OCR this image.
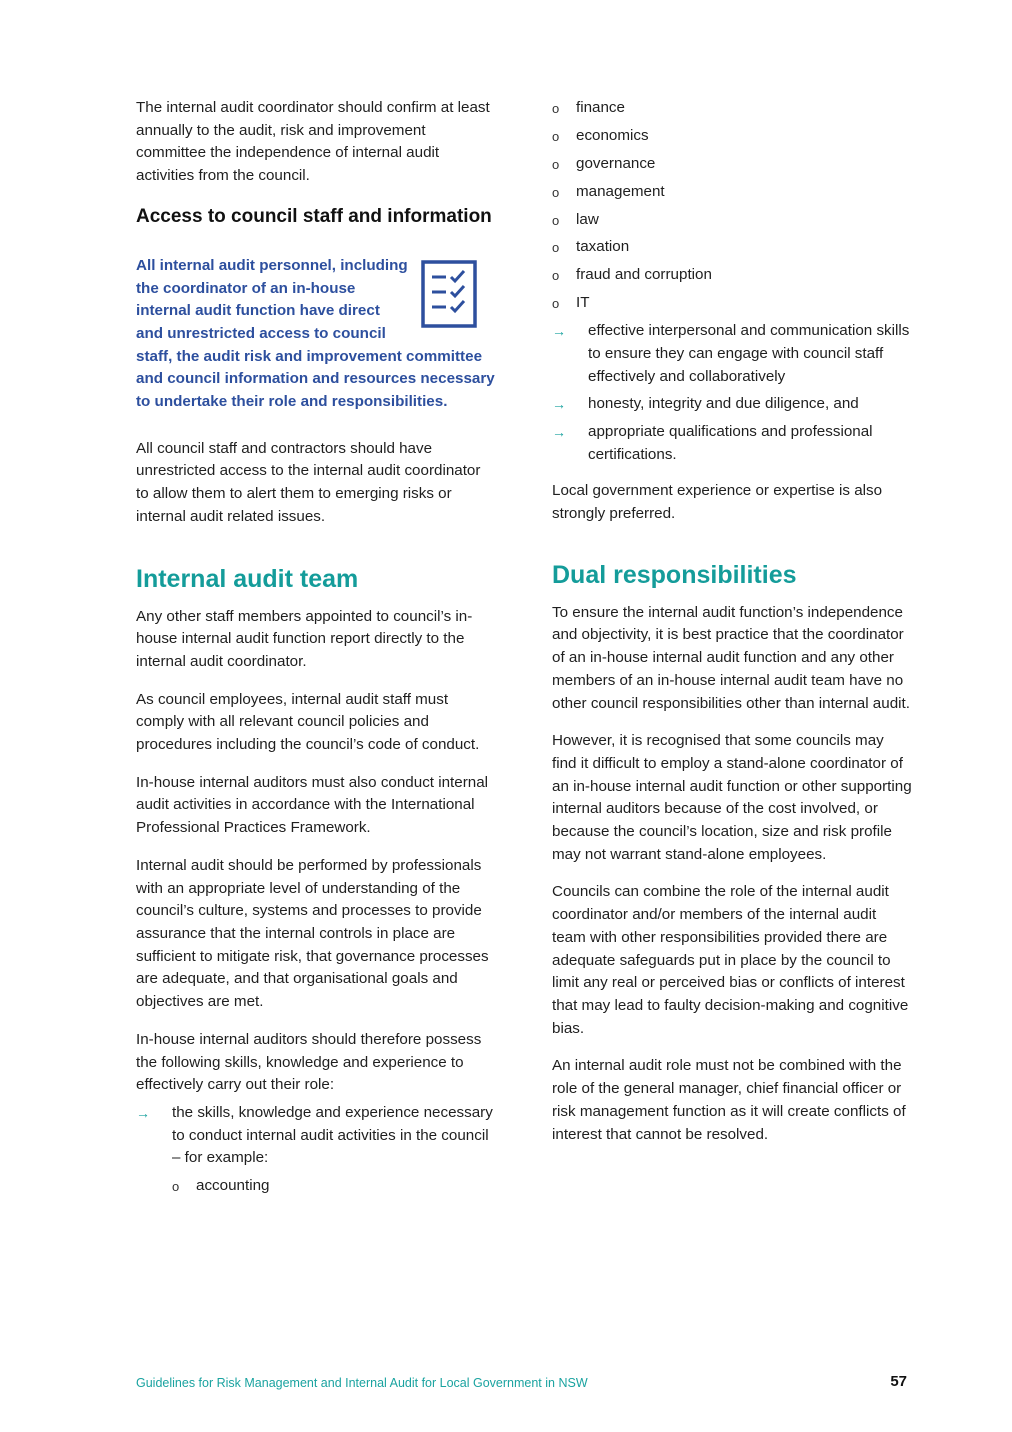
The internal audit coordinator should confirm at least annually to the audit, risk and improvement committee the independence of internal audit activities from the council.

Access to council staff and information

All internal audit personnel, including the coordinator of an in-house internal audit function have direct and unrestricted access to council staff, the audit risk and improvement committee and council information and resources necessary to undertake their role and responsibilities.

All council staff and contractors should have unrestricted access to the internal audit coordinator to allow them to alert them to emerging risks or internal audit related issues.

Internal audit team

Any other staff members appointed to council’s in-house internal audit function report directly to the internal audit coordinator.

As council employees, internal audit staff must comply with all relevant council policies and procedures including the council’s code of conduct.

In-house internal auditors must also conduct internal audit activities in accordance with the International Professional Practices Framework.

Internal audit should be performed by professionals with an appropriate level of understanding of the council’s culture, systems and processes to provide assurance that the internal controls in place are sufficient to mitigate risk, that governance processes are adequate, and that organisational goals and objectives are met.

In-house internal auditors should therefore possess the following skills, knowledge and experience to effectively carry out their role:

→ the skills, knowledge and experience necessary to conduct internal audit activities in the council – for example:
o accounting
o finance
o economics
o governance
o management
o law
o taxation
o fraud and corruption
o IT
→ effective interpersonal and communication skills to ensure they can engage with council staff effectively and collaboratively
→ honesty, integrity and due diligence, and
→ appropriate qualifications and professional certifications.

Local government experience or expertise is also strongly preferred.

Dual responsibilities

To ensure the internal audit function’s independence and objectivity, it is best practice that the coordinator of an in-house internal audit function and any other members of an in-house internal audit team have no other council responsibilities other than internal audit.

However, it is recognised that some councils may find it difficult to employ a stand-alone coordinator of an in-house internal audit function or other supporting internal auditors because of the cost involved, or because the council’s location, size and risk profile may not warrant stand-alone employees.

Councils can combine the role of the internal audit coordinator and/or members of the internal audit team with other responsibilities provided there are adequate safeguards put in place by the council to limit any real or perceived bias or conflicts of interest that may lead to faulty decision-making and cognitive bias.

An internal audit role must not be combined with the role of the general manager, chief financial officer or risk management function as it will create conflicts of interest that cannot be resolved.

Guidelines for Risk Management and Internal Audit for Local Government in NSW	57
